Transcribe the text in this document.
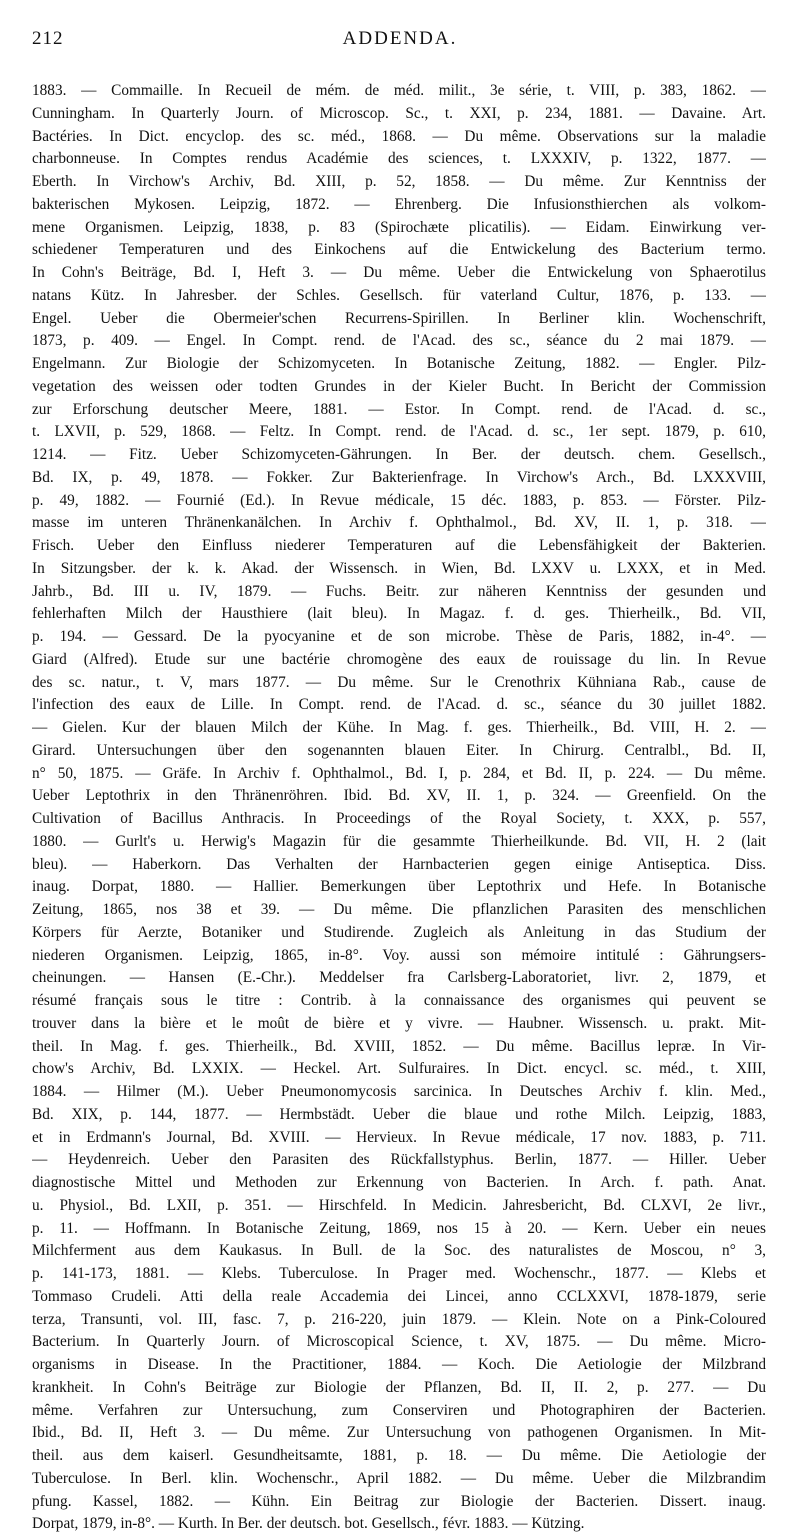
212	ADDENDA.
1883. — Commaille. In Recueil de mém. de méd. milit., 3e série, t. VIII, p. 383, 1862. —
Cunningham. In Quarterly Journ. of Microscop. Sc., t. XXI, p. 234, 1881. — Davaine. Art.
Bactéries. In Dict. encyclop. des sc. méd., 1868. — Du même. Observations sur la maladie
charbonneuse. In Comptes rendus Académie des sciences, t. LXXXIV, p. 1322, 1877. —
Eberth. In Virchow's Archiv, Bd. XIII, p. 52, 1858. — Du même. Zur Kenntniss der
bakterischen Mykosen. Leipzig, 1872. — Ehrenberg. Die Infusionsthierchen als volkom-
mene Organismen. Leipzig, 1838, p. 83 (Spirochæte plicatilis). — Eidam. Einwirkung ver-
schiedener Temperaturen und des Einkochens auf die Entwickelung des Bacterium termo.
In Cohn's Beiträge, Bd. I, Heft 3. — Du même. Ueber die Entwickelung von Sphaerotilus
natans Kütz. In Jahresber. der Schles. Gesellsch. für vaterland Cultur, 1876, p. 133. —
Engel. Ueber die Obermeier'schen Recurrens-Spirillen. In Berliner klin. Wochenschrift,
1873, p. 409. — Engel. In Compt. rend. de l'Acad. des sc., séance du 2 mai 1879. —
Engelmann. Zur Biologie der Schizomyceten. In Botanische Zeitung, 1882. — Engler. Pilz-
vegetation des weissen oder todten Grundes in der Kieler Bucht. In Bericht der Commission
zur Erforschung deutscher Meere, 1881. — Estor. In Compt. rend. de l'Acad. d. sc.,
t. LXVII, p. 529, 1868. — Feltz. In Compt. rend. de l'Acad. d. sc., 1er sept. 1879, p. 610,
1214. — Fitz. Ueber Schizomyceten-Gährungen. In Ber. der deutsch. chem. Gesellsch.,
Bd. IX, p. 49, 1878. — Fokker. Zur Bakterienfrage. In Virchow's Arch., Bd. LXXXVIII,
p. 49, 1882. — Fournié (Ed.). In Revue médicale, 15 déc. 1883, p. 853. — Förster. Pilz-
masse im unteren Thränenkanälchen. In Archiv f. Ophthalmol., Bd. XV, II. 1, p. 318. —
Frisch. Ueber den Einfluss niederer Temperaturen auf die Lebensfähigkeit der Bakterien.
In Sitzungsber. der k. k. Akad. der Wissensch. in Wien, Bd. LXXV u. LXXX, et in Med.
Jahrb., Bd. III u. IV, 1879. — Fuchs. Beitr. zur näheren Kenntniss der gesunden und
fehlerhaften Milch der Hausthiere (lait bleu). In Magaz. f. d. ges. Thierheilk., Bd. VII,
p. 194. — Gessard. De la pyocyanine et de son microbe. Thèse de Paris, 1882, in-4°. —
Giard (Alfred). Etude sur une bactérie chromogène des eaux de rouissage du lin. In Revue
des sc. natur., t. V, mars 1877. — Du même. Sur le Crenothrix Kühniana Rab., cause de
l'infection des eaux de Lille. In Compt. rend. de l'Acad. d. sc., séance du 30 juillet 1882.
— Gielen. Kur der blauen Milch der Kühe. In Mag. f. ges. Thierheilk., Bd. VIII, H. 2. —
Girard. Untersuchungen über den sogenannten blauen Eiter. In Chirurg. Centralbl., Bd. II,
n° 50, 1875. — Gräfe. In Archiv f. Ophthalmol., Bd. I, p. 284, et Bd. II, p. 224. — Du même.
Ueber Leptothrix in den Thränenröhren. Ibid. Bd. XV, II. 1, p. 324. — Greenfield. On the
Cultivation of Bacillus Anthracis. In Proceedings of the Royal Society, t. XXX, p. 557,
1880. — Gurlt's u. Herwig's Magazin für die gesammte Thierheilkunde. Bd. VII, H. 2 (lait
bleu). — Haberkorn. Das Verhalten der Harnbacterien gegen einige Antiseptica. Diss.
inaug. Dorpat, 1880. — Hallier. Bemerkungen über Leptothrix und Hefe. In Botanische
Zeitung, 1865, nos 38 et 39. — Du même. Die pflanzlichen Parasiten des menschlichen
Körpers für Aerzte, Botaniker und Studirende. Zugleich als Anleitung in das Studium der
niederen Organismen. Leipzig, 1865, in-8°. Voy. aussi son mémoire intitulé : Gährungsers-
cheinungen. — Hansen (E.-Chr.). Meddelser fra Carlsberg-Laboratoriet, livr. 2, 1879, et
résumé français sous le titre : Contrib. à la connaissance des organismes qui peuvent se
trouver dans la bière et le moût de bière et y vivre. — Haubner. Wissensch. u. prakt. Mit-
theil. In Mag. f. ges. Thierheilk., Bd. XVIII, 1852. — Du même. Bacillus lepræ. In Vir-
chow's Archiv, Bd. LXXIX. — Heckel. Art. Sulfuraires. In Dict. encycl. sc. méd., t. XIII,
1884. — Hilmer (M.). Ueber Pneumonomycosis sarcinica. In Deutsches Archiv f. klin. Med.,
Bd. XIX, p. 144, 1877. — Hermbstädt. Ueber die blaue und rothe Milch. Leipzig, 1883,
et in Erdmann's Journal, Bd. XVIII. — Hervieux. In Revue médicale, 17 nov. 1883, p. 711.
— Heydenreich. Ueber den Parasiten des Rückfallstyphus. Berlin, 1877. — Hiller. Ueber
diagnostische Mittel und Methoden zur Erkennung von Bacterien. In Arch. f. path. Anat.
u. Physiol., Bd. LXII, p. 351. — Hirschfeld. In Medicin. Jahresbericht, Bd. CLXVI, 2e livr.,
p. 11. — Hoffmann. In Botanische Zeitung, 1869, nos 15 à 20. — Kern. Ueber ein neues
Milchferment aus dem Kaukasus. In Bull. de la Soc. des naturalistes de Moscou, n° 3,
p. 141-173, 1881. — Klebs. Tuberculose. In Prager med. Wochenschr., 1877. — Klebs et
Tommaso Crudeli. Atti della reale Accademia dei Lincei, anno CCLXXVI, 1878-1879, serie
terza, Transunti, vol. III, fasc. 7, p. 216-220, juin 1879. — Klein. Note on a Pink-Coloured
Bacterium. In Quarterly Journ. of Microscopical Science, t. XV, 1875. — Du même. Micro-
organisms in Disease. In the Practitioner, 1884. — Koch. Die Aetiologie der Milzbrand
krankheit. In Cohn's Beiträge zur Biologie der Pflanzen, Bd. II, II. 2, p. 277. — Du
même. Verfahren zur Untersuchung, zum Conserviren und Photographiren der Bacterien.
Ibid., Bd. II, Heft 3. — Du même. Zur Untersuchung von pathogenen Organismen. In Mit-
theil. aus dem kaiserl. Gesundheitsamte, 1881, p. 18. — Du même. Die Aetiologie der
Tuberculose. In Berl. klin. Wochenschr., April 1882. — Du même. Ueber die Milzbrandim
pfung. Kassel, 1882. — Kühn. Ein Beitrag zur Biologie der Bacterien. Dissert. inaug.
Dorpat, 1879, in-8°. — Kurth. In Ber. der deutsch. bot. Gesellsch., févr. 1883. — Kützing.
